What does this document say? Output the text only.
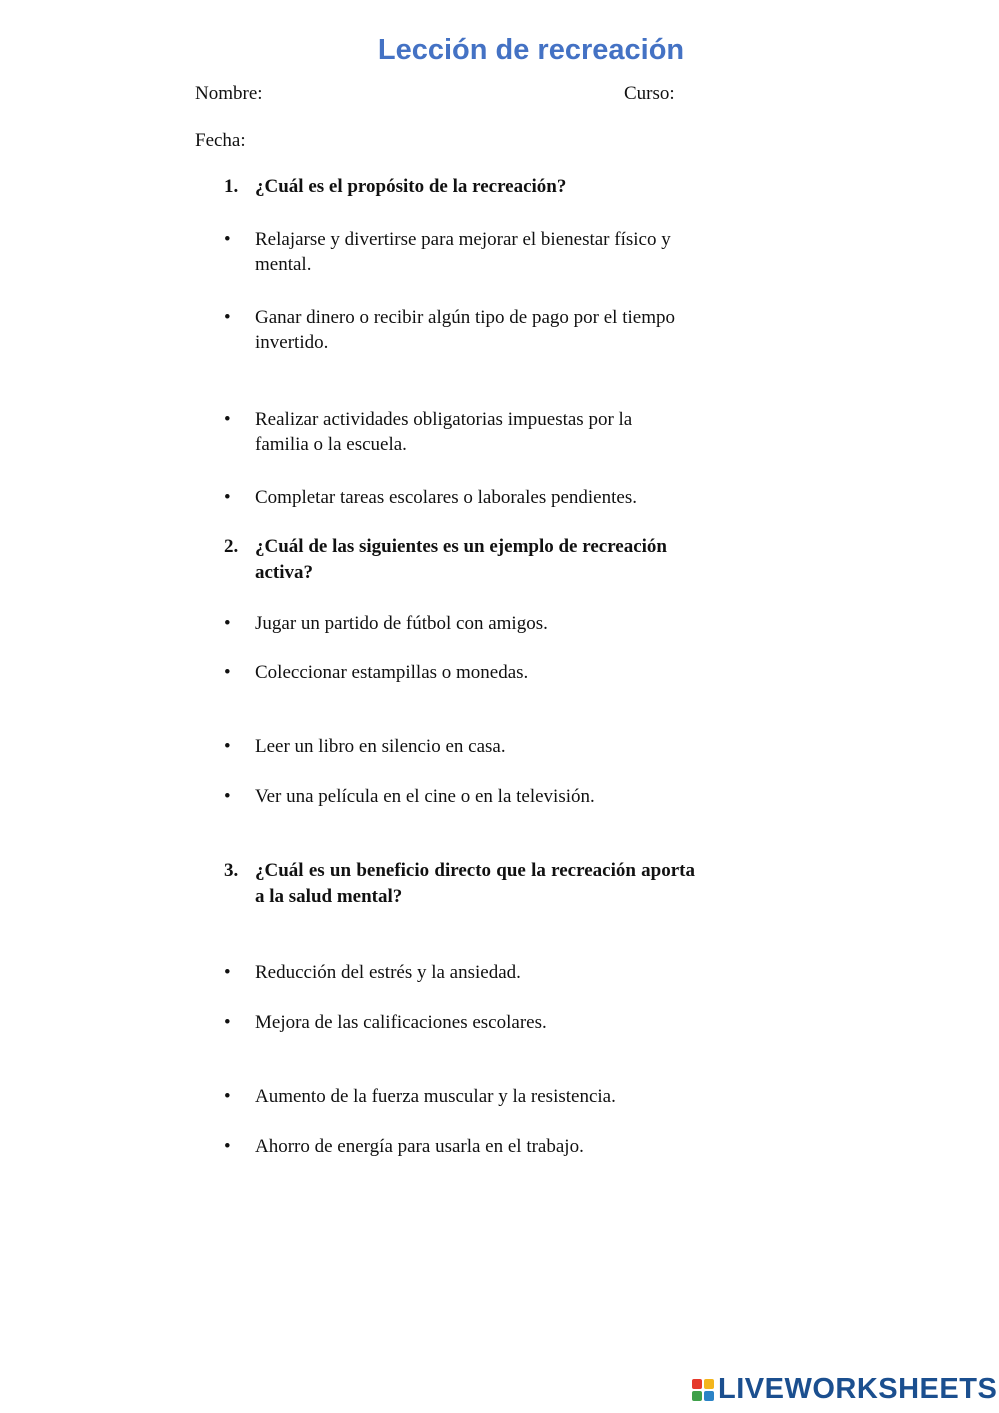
Lección de recreación
Nombre:	Curso:
Fecha:
1. ¿Cuál es el propósito de la recreación?
• Relajarse y divertirse para mejorar el bienestar físico y mental.
• Ganar dinero o recibir algún tipo de pago por el tiempo invertido.
• Realizar actividades obligatorias impuestas por la familia o la escuela.
• Completar tareas escolares o laborales pendientes.
2. ¿Cuál de las siguientes es un ejemplo de recreación activa?
• Jugar un partido de fútbol con amigos.
• Coleccionar estampillas o monedas.
• Leer un libro en silencio en casa.
• Ver una película en el cine o en la televisión.
3. ¿Cuál es un beneficio directo que la recreación aporta a la salud mental?
• Reducción del estrés y la ansiedad.
• Mejora de las calificaciones escolares.
• Aumento de la fuerza muscular y la resistencia.
• Ahorro de energía para usarla en el trabajo.
LIVEWORKSHEETS
